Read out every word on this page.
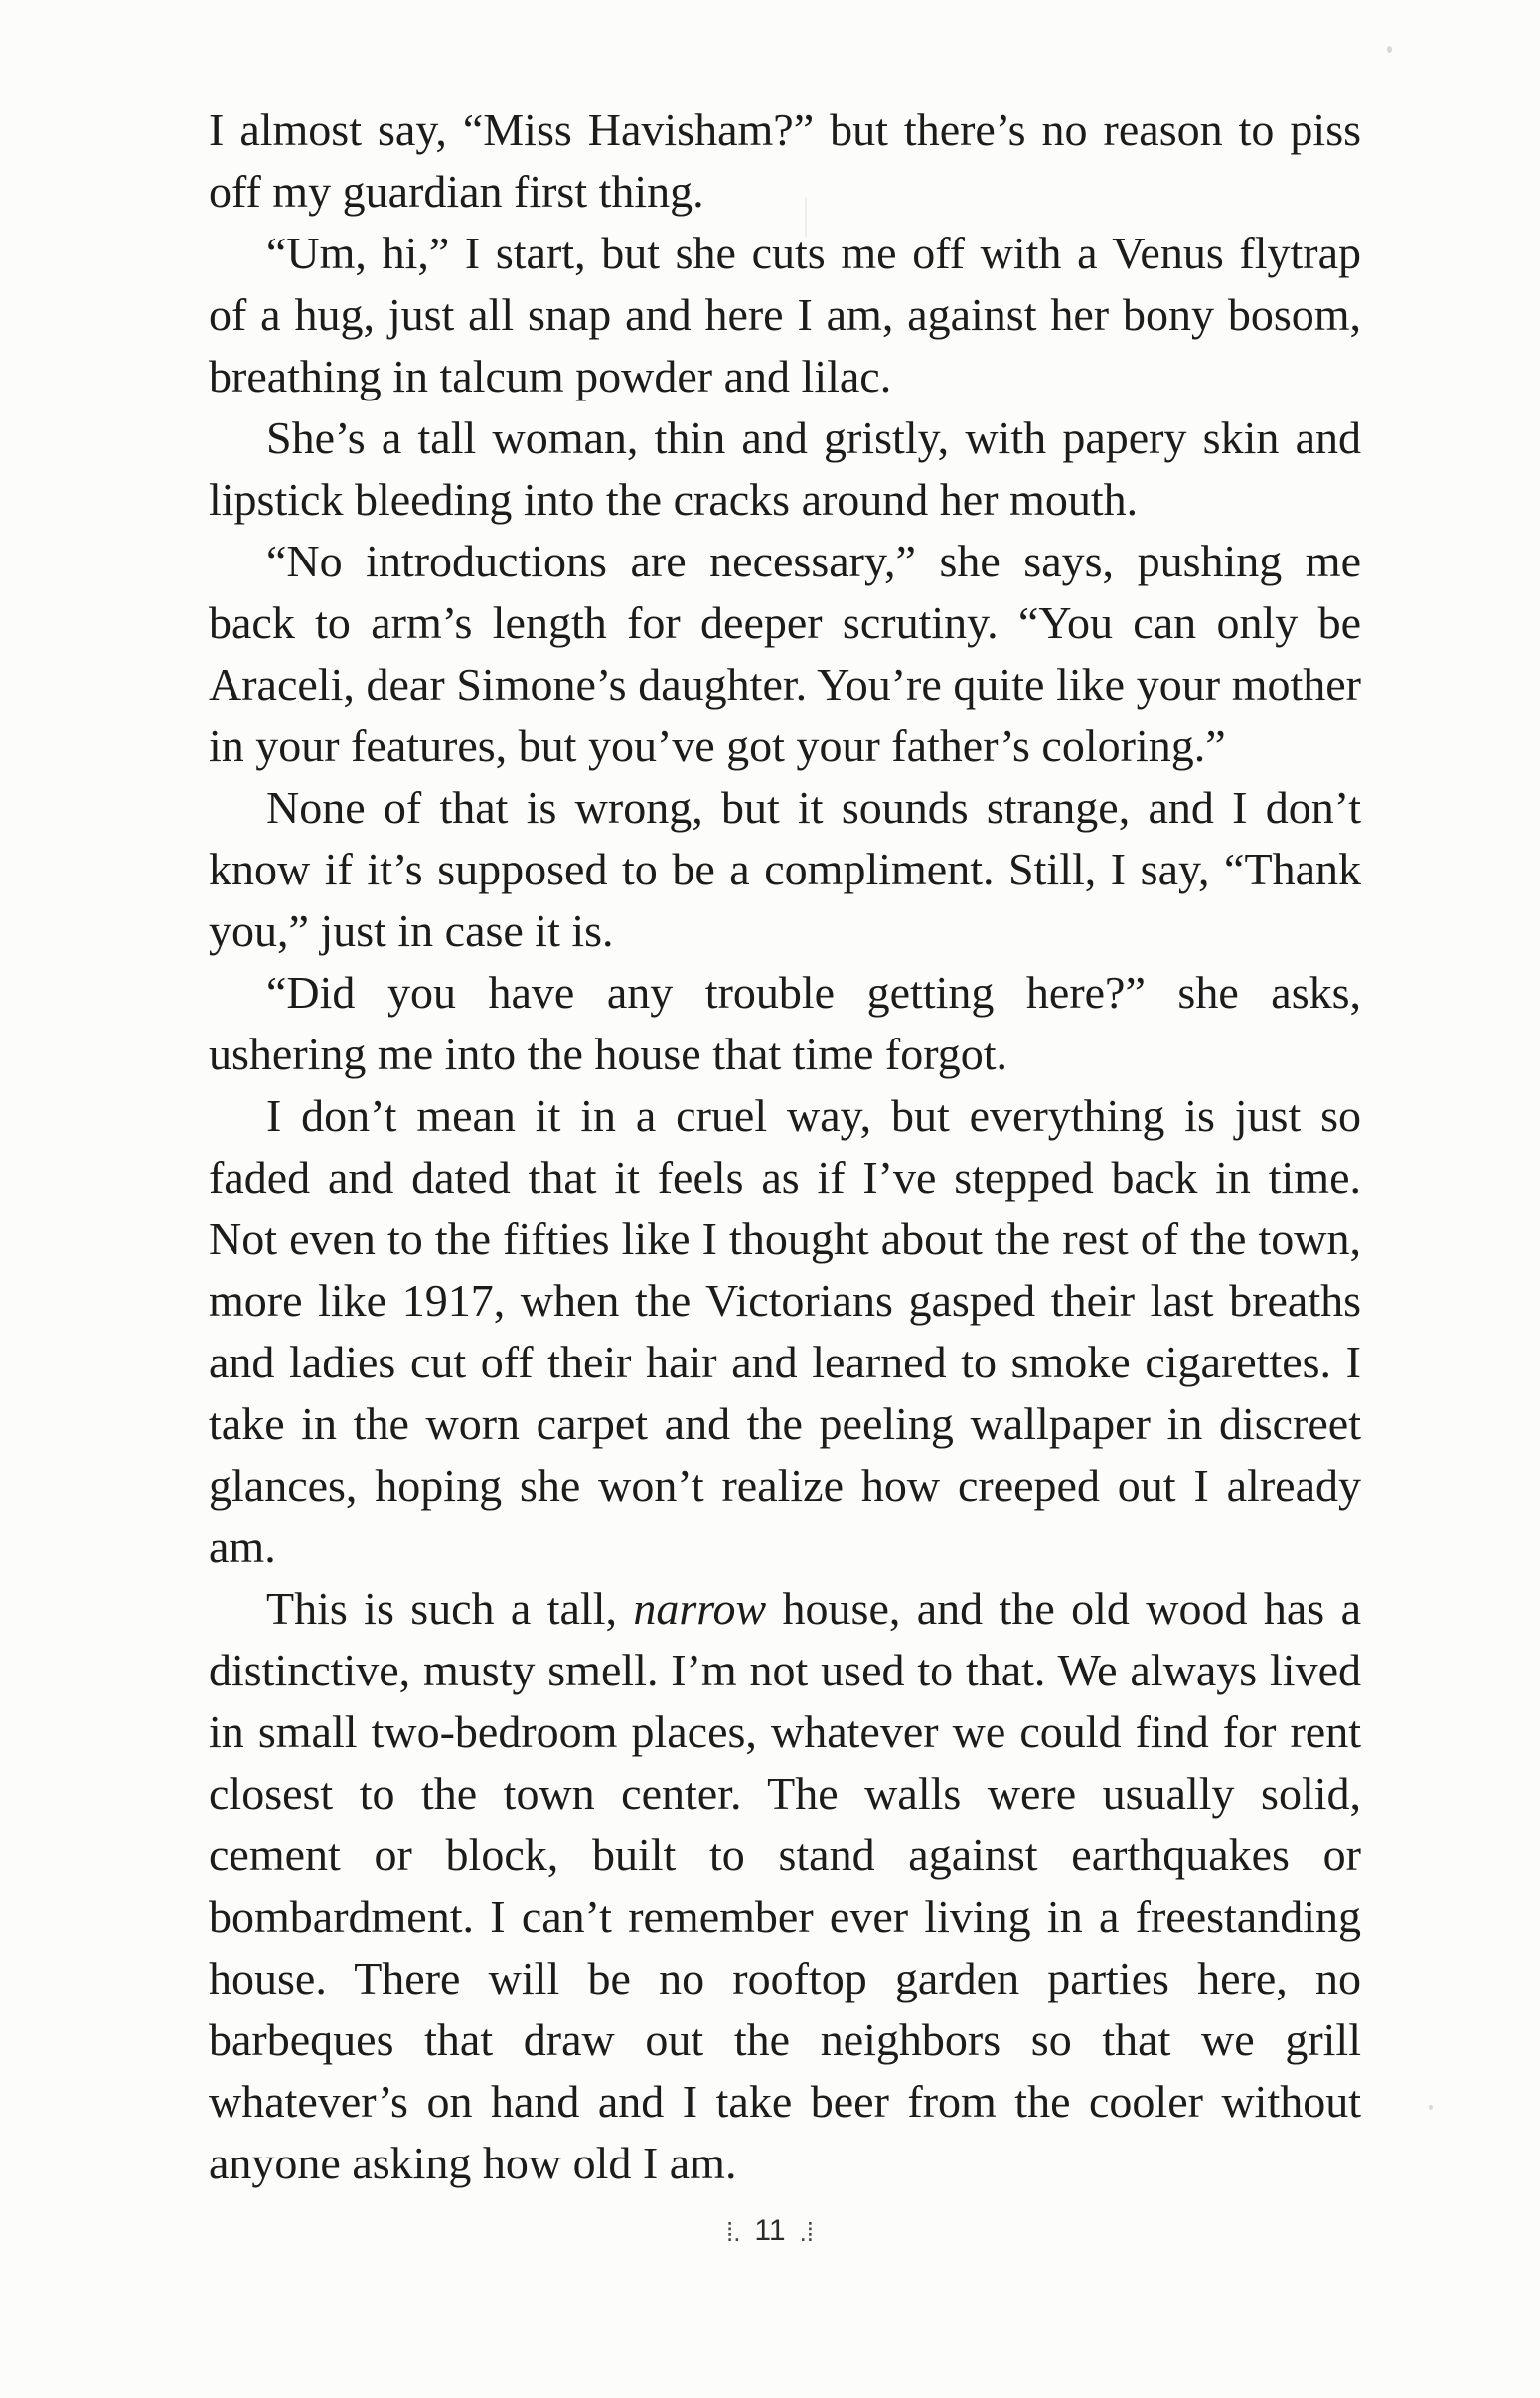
I almost say, “Miss Havisham?” but there’s no reason to piss off my guardian first thing.

“Um, hi,” I start, but she cuts me off with a Venus flytrap of a hug, just all snap and here I am, against her bony bosom, breathing in talcum powder and lilac.

She’s a tall woman, thin and gristly, with papery skin and lipstick bleeding into the cracks around her mouth.

“No introductions are necessary,” she says, pushing me back to arm’s length for deeper scrutiny. “You can only be Araceli, dear Simone’s daughter. You’re quite like your mother in your features, but you’ve got your father’s coloring.”

None of that is wrong, but it sounds strange, and I don’t know if it’s supposed to be a compliment. Still, I say, “Thank you,” just in case it is.

“Did you have any trouble getting here?” she asks, ushering me into the house that time forgot.

I don’t mean it in a cruel way, but everything is just so faded and dated that it feels as if I’ve stepped back in time. Not even to the fifties like I thought about the rest of the town, more like 1917, when the Victorians gasped their last breaths and ladies cut off their hair and learned to smoke cigarettes. I take in the worn carpet and the peeling wallpaper in discreet glances, hoping she won’t realize how creeped out I already am.

This is such a tall, narrow house, and the old wood has a distinctive, musty smell. I’m not used to that. We always lived in small two-bedroom places, whatever we could find for rent closest to the town center. The walls were usually solid, cement or block, built to stand against earthquakes or bombardment. I can’t remember ever living in a freestanding house. There will be no rooftop garden parties here, no barbeques that draw out the neighbors so that we grill whatever’s on hand and I take beer from the cooler without anyone asking how old I am.

⁞. 11 .⁞
